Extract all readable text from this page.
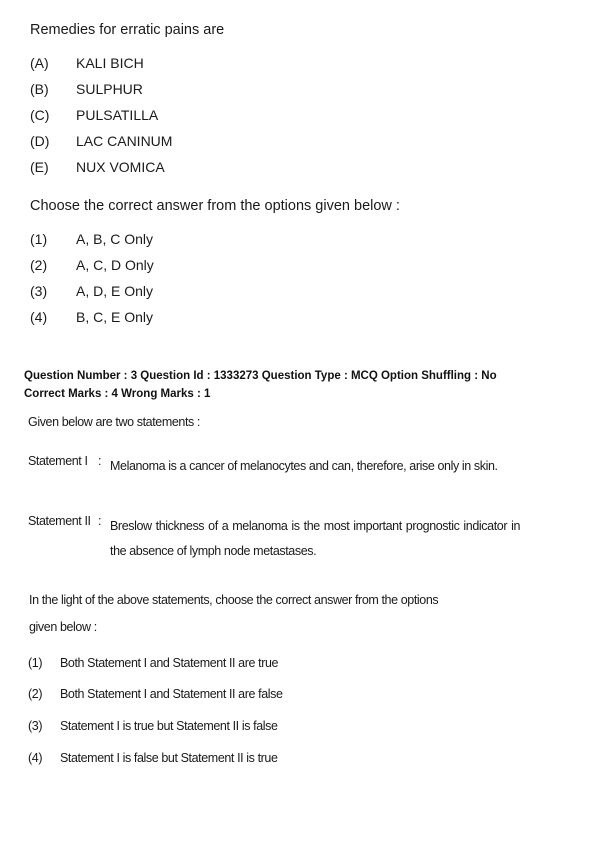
Remedies for erratic pains are
(A) KALI BICH
(B) SULPHUR
(C) PULSATILLA
(D) LAC CANINUM
(E) NUX VOMICA
Choose the correct answer from the options given below :
(1) A, B, C Only
(2) A, C, D Only
(3) A, D, E Only
(4) B, C, E Only
Question Number : 3 Question Id : 1333273 Question Type : MCQ Option Shuffling : No
Correct Marks : 4 Wrong Marks : 1
Given below are two statements :
Statement I : Melanoma is a cancer of melanocytes and can, therefore, arise only in skin.
Statement II : Breslow thickness of a melanoma is the most important prognostic indicator in the absence of lymph node metastases.
In the light of the above statements, choose the correct answer from the options given below :
(1) Both Statement I and Statement II are true
(2) Both Statement I and Statement II are false
(3) Statement I is true but Statement II is false
(4) Statement I is false but Statement II is true
